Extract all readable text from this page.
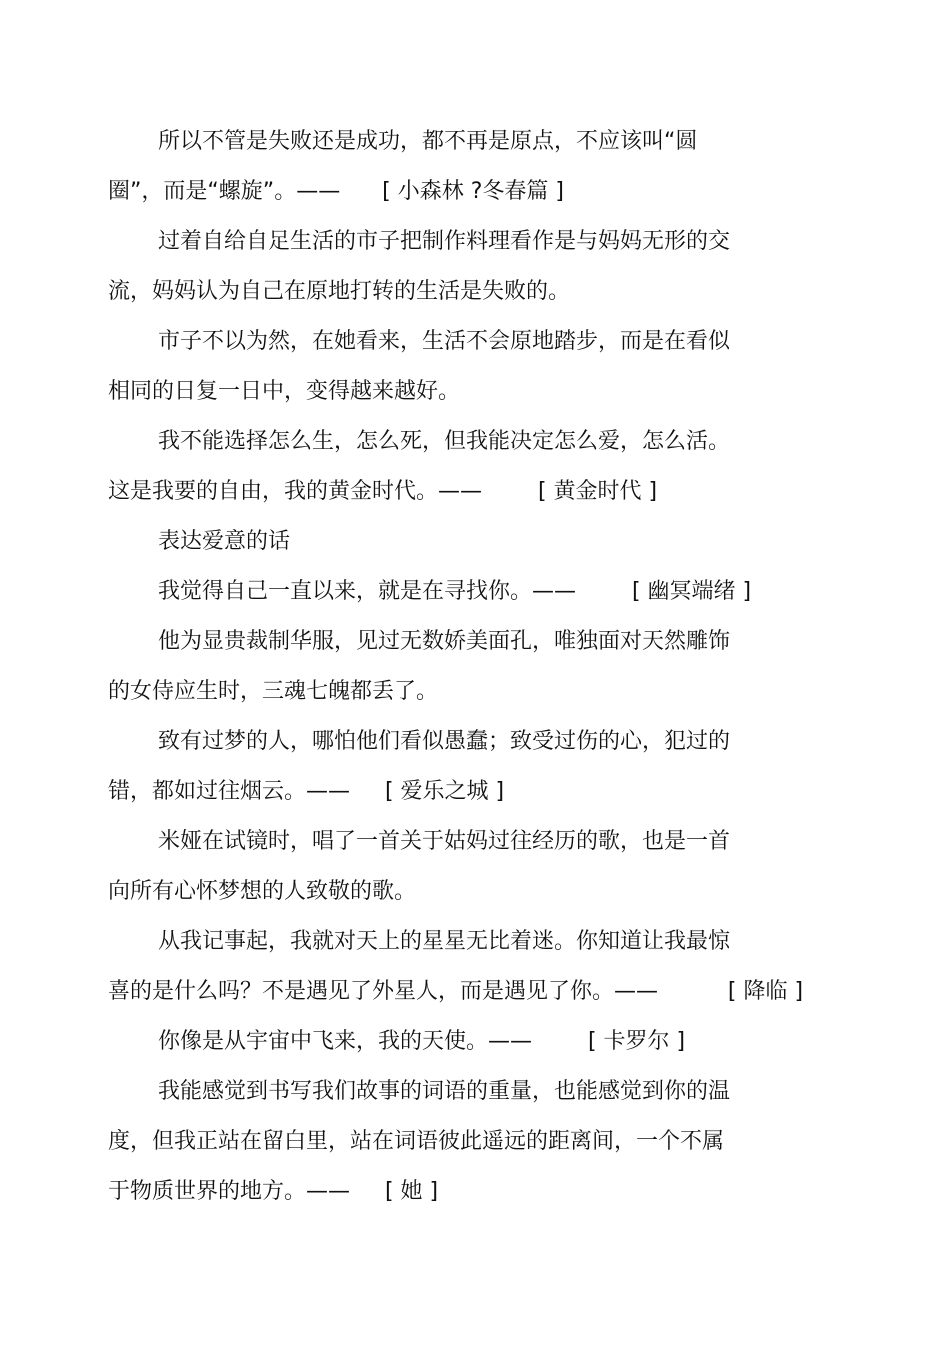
所以不管是失败还是成功，都不再是原点，不应该叫“圆
圈”，而是“螺旋”。——      [ 小森林 ?冬春篇 ]
过着自给自足生活的市子把制作料理看作是与妈妈无形的交
流，妈妈认为自己在原地打转的生活是失败的。
市子不以为然，在她看来，生活不会原地踏步，而是在看似
相同的日复一日中，变得越来越好。
我不能选择怎么生，怎么死，但我能决定怎么爱，怎么活。
这是我要的自由，我的黄金时代。——        [ 黄金时代 ]
表达爱意的话
我觉得自己一直以来，就是在寻找你。——        [ 幽冥端绪 ]
他为显贵裁制华服，见过无数娇美面孔，唯独面对天然雕饰
的女侍应生时，三魂七魄都丢了。
致有过梦的人，哪怕他们看似愚蠢；致受过伤的心，犯过的
错，都如过往烟云。——     [ 爱乐之城 ]
米娅在试镜时，唱了一首关于姑妈过往经历的歌，也是一首
向所有心怀梦想的人致敬的歌。
从我记事起，我就对天上的星星无比着迷。你知道让我最惊
喜的是什么吗？不是遇见了外星人，而是遇见了你。——          [ 降临 ]
你像是从宇宙中飞来，我的天使。——        [ 卡罗尔 ]
我能感觉到书写我们故事的词语的重量，也能感觉到你的温
度，但我正站在留白里，站在词语彼此遥远的距离间，一个不属
于物质世界的地方。——     [ 她 ]
